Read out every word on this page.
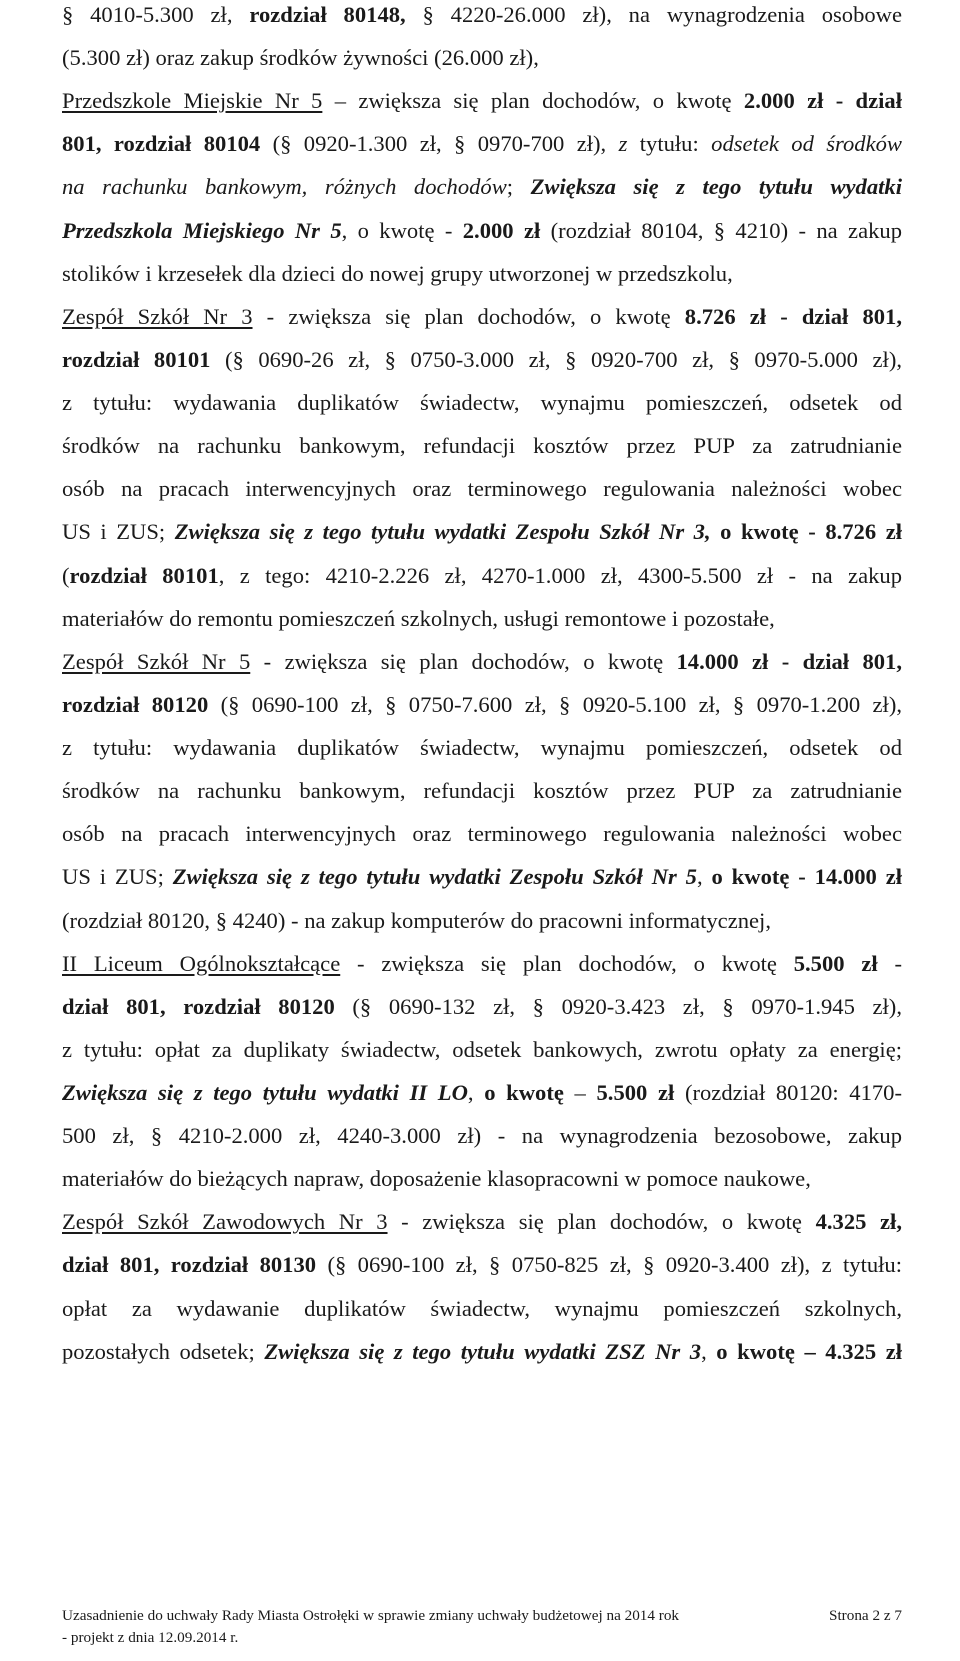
§ 4010-5.300 zł, rozdział 80148, § 4220-26.000 zł), na wynagrodzenia osobowe
(5.300 zł) oraz zakup środków żywności (26.000 zł),
Przedszkole Miejskie Nr 5 – zwiększa się plan dochodów, o kwotę 2.000 zł - dział
801, rozdział 80104 (§ 0920-1.300 zł, § 0970-700 zł), z tytułu: odsetek od środków
na rachunku bankowym, różnych dochodów; Zwiększa się z tego tytułu wydatki
Przedszkola Miejskiego Nr 5, o kwotę - 2.000 zł (rozdział 80104, § 4210) - na zakup
stolików i krzesełek dla dzieci do nowej grupy utworzonej w przedszkolu,
Zespół Szkół Nr 3 - zwiększa się plan dochodów, o kwotę 8.726 zł - dział 801,
rozdział 80101 (§ 0690-26 zł, § 0750-3.000 zł, § 0920-700 zł, § 0970-5.000 zł),
z tytułu: wydawania duplikatów świadectw, wynajmu pomieszczeń, odsetek od
środków na rachunku bankowym, refundacji kosztów przez PUP za zatrudnianie
osób na pracach interwencyjnych oraz terminowego regulowania należności wobec
US i ZUS; Zwiększa się z tego tytułu wydatki Zespołu Szkół Nr 3, o kwotę - 8.726 zł
(rozdział 80101, z tego: 4210-2.226 zł, 4270-1.000 zł, 4300-5.500 zł - na zakup
materiałów do remontu pomieszczeń szkolnych, usługi remontowe i pozostałe,
Zespół Szkół Nr 5 - zwiększa się plan dochodów, o kwotę 14.000 zł - dział 801,
rozdział 80120 (§ 0690-100 zł, § 0750-7.600 zł, § 0920-5.100 zł, § 0970-1.200 zł),
z tytułu: wydawania duplikatów świadectw, wynajmu pomieszczeń, odsetek od
środków na rachunku bankowym, refundacji kosztów przez PUP za zatrudnianie
osób na pracach interwencyjnych oraz terminowego regulowania należności wobec
US i ZUS; Zwiększa się z tego tytułu wydatki Zespołu Szkół Nr 5, o kwotę - 14.000 zł
(rozdział 80120, § 4240) - na zakup komputerów do pracowni informatycznej,
II Liceum Ogólnokształcące - zwiększa się plan dochodów, o kwotę 5.500 zł -
dział 801, rozdział 80120 (§ 0690-132 zł, § 0920-3.423 zł, § 0970-1.945 zł),
z tytułu: opłat za duplikaty świadectw, odsetek bankowych, zwrotu opłaty za energię;
Zwiększa się z tego tytułu wydatki II LO, o kwotę – 5.500 zł (rozdział 80120: 4170-
500 zł, § 4210-2.000 zł, 4240-3.000 zł) - na wynagrodzenia bezosobowe, zakup
materiałów do bieżących napraw, doposażenie klasopracowni w pomoce naukowe,
Zespół Szkół Zawodowych Nr 3 - zwiększa się plan dochodów, o kwotę 4.325 zł,
dział 801, rozdział 80130 (§ 0690-100 zł, § 0750-825 zł, § 0920-3.400 zł), z tytułu:
opłat za wydawanie duplikatów świadectw, wynajmu pomieszczeń szkolnych,
pozostałych odsetek; Zwiększa się z tego tytułu wydatki ZSZ Nr 3, o kwotę – 4.325 zł
Uzasadnienie do uchwały Rady Miasta Ostrołęki w sprawie zmiany uchwały budżetowej na 2014 rok	Strona 2 z 7
- projekt z dnia 12.09.2014 r.
